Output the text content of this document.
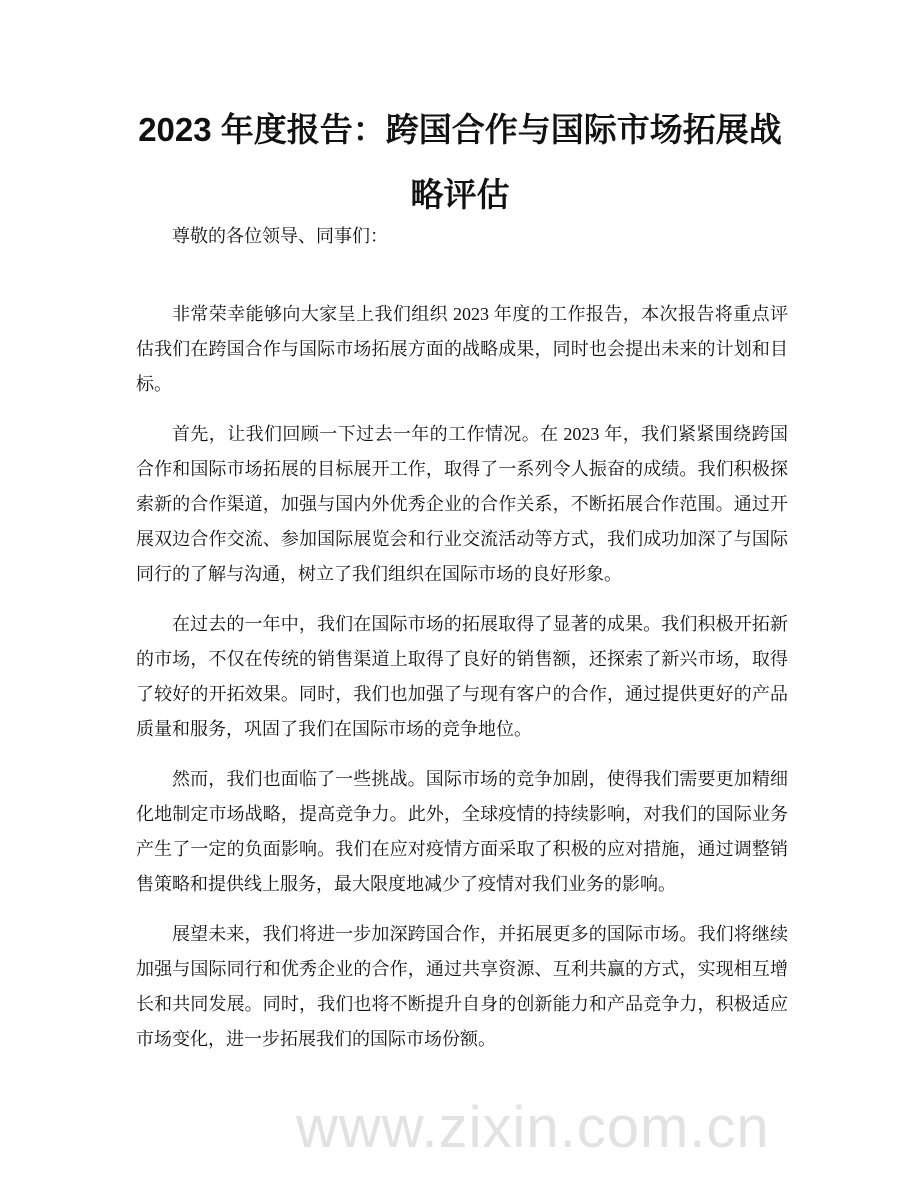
2023 年度报告：跨国合作与国际市场拓展战
略评估
尊敬的各位领导、同事们：
非常荣幸能够向大家呈上我们组织 2023 年度的工作报告，本次报告将重点评
估我们在跨国合作与国际市场拓展方面的战略成果，同时也会提出未来的计划和目
标。
首先，让我们回顾一下过去一年的工作情况。在 2023 年，我们紧紧围绕跨国
合作和国际市场拓展的目标展开工作，取得了一系列令人振奋的成绩。我们积极探
索新的合作渠道，加强与国内外优秀企业的合作关系，不断拓展合作范围。通过开
展双边合作交流、参加国际展览会和行业交流活动等方式，我们成功加深了与国际
同行的了解与沟通，树立了我们组织在国际市场的良好形象。
在过去的一年中，我们在国际市场的拓展取得了显著的成果。我们积极开拓新
的市场，不仅在传统的销售渠道上取得了良好的销售额，还探索了新兴市场，取得
了较好的开拓效果。同时，我们也加强了与现有客户的合作，通过提供更好的产品
质量和服务，巩固了我们在国际市场的竞争地位。
然而，我们也面临了一些挑战。国际市场的竞争加剧，使得我们需要更加精细
化地制定市场战略，提高竞争力。此外，全球疫情的持续影响，对我们的国际业务
产生了一定的负面影响。我们在应对疫情方面采取了积极的应对措施，通过调整销
售策略和提供线上服务，最大限度地减少了疫情对我们业务的影响。
展望未来，我们将进一步加深跨国合作，并拓展更多的国际市场。我们将继续
加强与国际同行和优秀企业的合作，通过共享资源、互利共赢的方式，实现相互增
长和共同发展。同时，我们也将不断提升自身的创新能力和产品竞争力，积极适应
市场变化，进一步拓展我们的国际市场份额。
www.zixin.com.cn
